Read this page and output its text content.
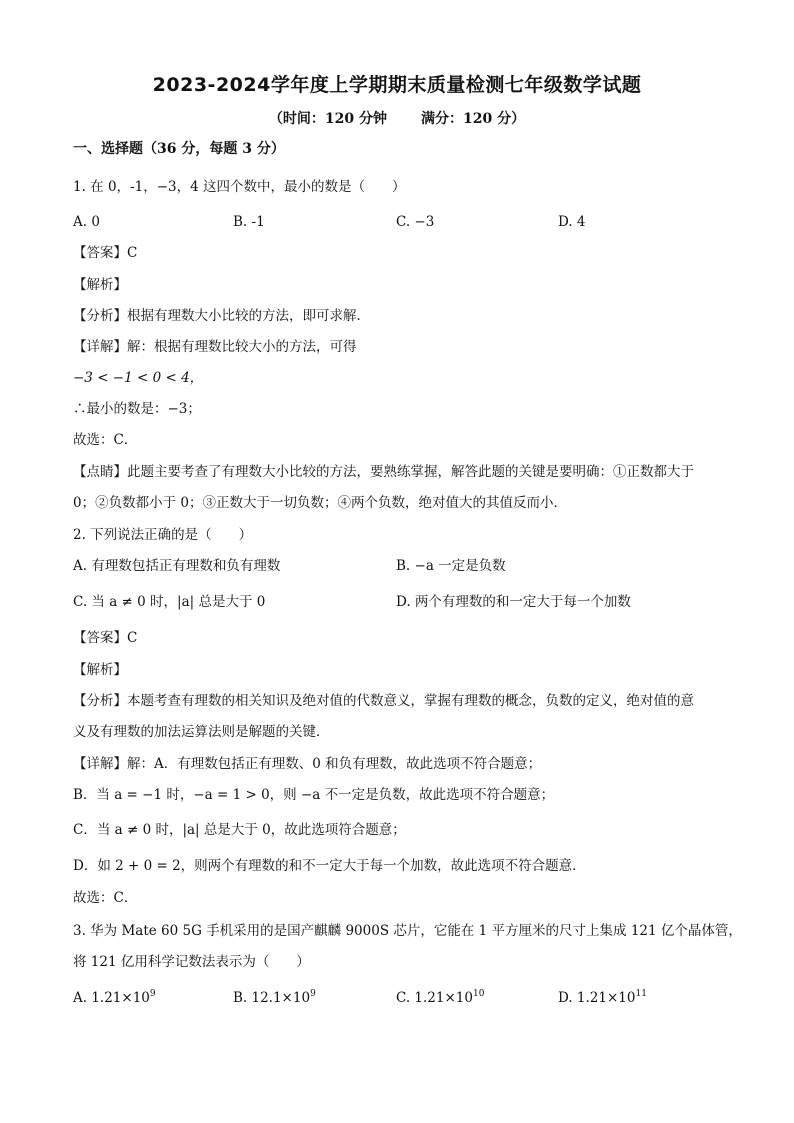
2023-2024学年度上学期期末质量检测七年级数学试题
（时间：120 分钟 满分：120 分）
一、选择题（36 分，每题 3 分）
1. 在 0，-1，−3，4 这四个数中，最小的数是（　　）
A. 0	B. -1	C. −3	D. 4
【答案】C
【解析】
【分析】根据有理数大小比较的方法，即可求解．
【详解】解：根据有理数比较大小的方法，可得
−3 < −1 < 0 < 4，
∴最小的数是：−3；
故选：C．
【点睛】此题主要考查了有理数大小比较的方法，要熟练掌握，解答此题的关键是要明确：①正数都大于
0；②负数都小于 0；③正数大于一切负数；④两个负数，绝对值大的其值反而小．
2. 下列说法正确的是（　　）
A. 有理数包括正有理数和负有理数	B. −a 一定是负数
C. 当 a ≠ 0 时，|a| 总是大于 0	D. 两个有理数的和一定大于每一个加数
【答案】C
【解析】
【分析】本题考查有理数的相关知识及绝对值的代数意义，掌握有理数的概念，负数的定义，绝对值的意
义及有理数的加法运算法则是解题的关键．
【详解】解：A．有理数包括正有理数、0 和负有理数，故此选项不符合题意；
B．当 a = −1 时，−a = 1 > 0，则 −a 不一定是负数，故此选项不符合题意；
C．当 a ≠ 0 时，|a| 总是大于 0，故此选项符合题意；
D．如 2 + 0 = 2，则两个有理数的和不一定大于每一个加数，故此选项不符合题意．
故选：C．
3. 华为 Mate 60 5G 手机采用的是国产麒麟 9000S 芯片，它能在 1 平方厘米的尺寸上集成 121 亿个晶体管，
将 121 亿用科学记数法表示为（　　）
A. $1.21\times 10^9$	B. $12.1\times 10^9$	C. $1.21\times 10^{10}$	D. $1.21\times 10^{11}$
